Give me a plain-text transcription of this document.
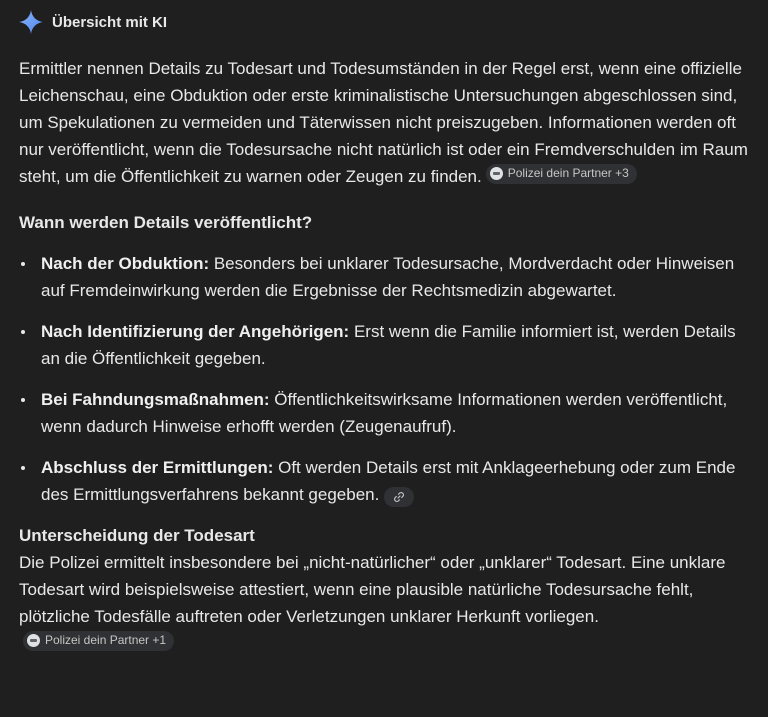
Übersicht mit KI

Ermittler nennen Details zu Todesart und Todesumständen in der Regel erst, wenn eine offizielle Leichenschau, eine Obduktion oder erste kriminalistische Untersuchungen abgeschlossen sind, um Spekulationen zu vermeiden und Täterwissen nicht preiszugeben. Informationen werden oft nur veröffentlicht, wenn die Todesursache nicht natürlich ist oder ein Fremdverschulden im Raum steht, um die Öffentlichkeit zu warnen oder Zeugen zu finden. Polizei dein Partner +3

Wann werden Details veröffentlicht?
Nach der Obduktion: Besonders bei unklarer Todesursache, Mordverdacht oder Hinweisen auf Fremdeinwirkung werden die Ergebnisse der Rechtsmedizin abgewartet.
Nach Identifizierung der Angehörigen: Erst wenn die Familie informiert ist, werden Details an die Öffentlichkeit gegeben.
Bei Fahndungsmaßnahmen: Öffentlichkeitswirksame Informationen werden veröffentlicht, wenn dadurch Hinweise erhofft werden (Zeugenaufruf).
Abschluss der Ermittlungen: Oft werden Details erst mit Anklageerhebung oder zum Ende des Ermittlungsverfahrens bekannt gegeben.
Unterscheidung der Todesart

Die Polizei ermittelt insbesondere bei „nicht-natürlicher“ oder „unklarer“ Todesart. Eine unklare Todesart wird beispielsweise attestiert, wenn eine plausible natürliche Todesursache fehlt, plötzliche Todesfälle auftreten oder Verletzungen unklarer Herkunft vorliegen.
Polizei dein Partner +1
